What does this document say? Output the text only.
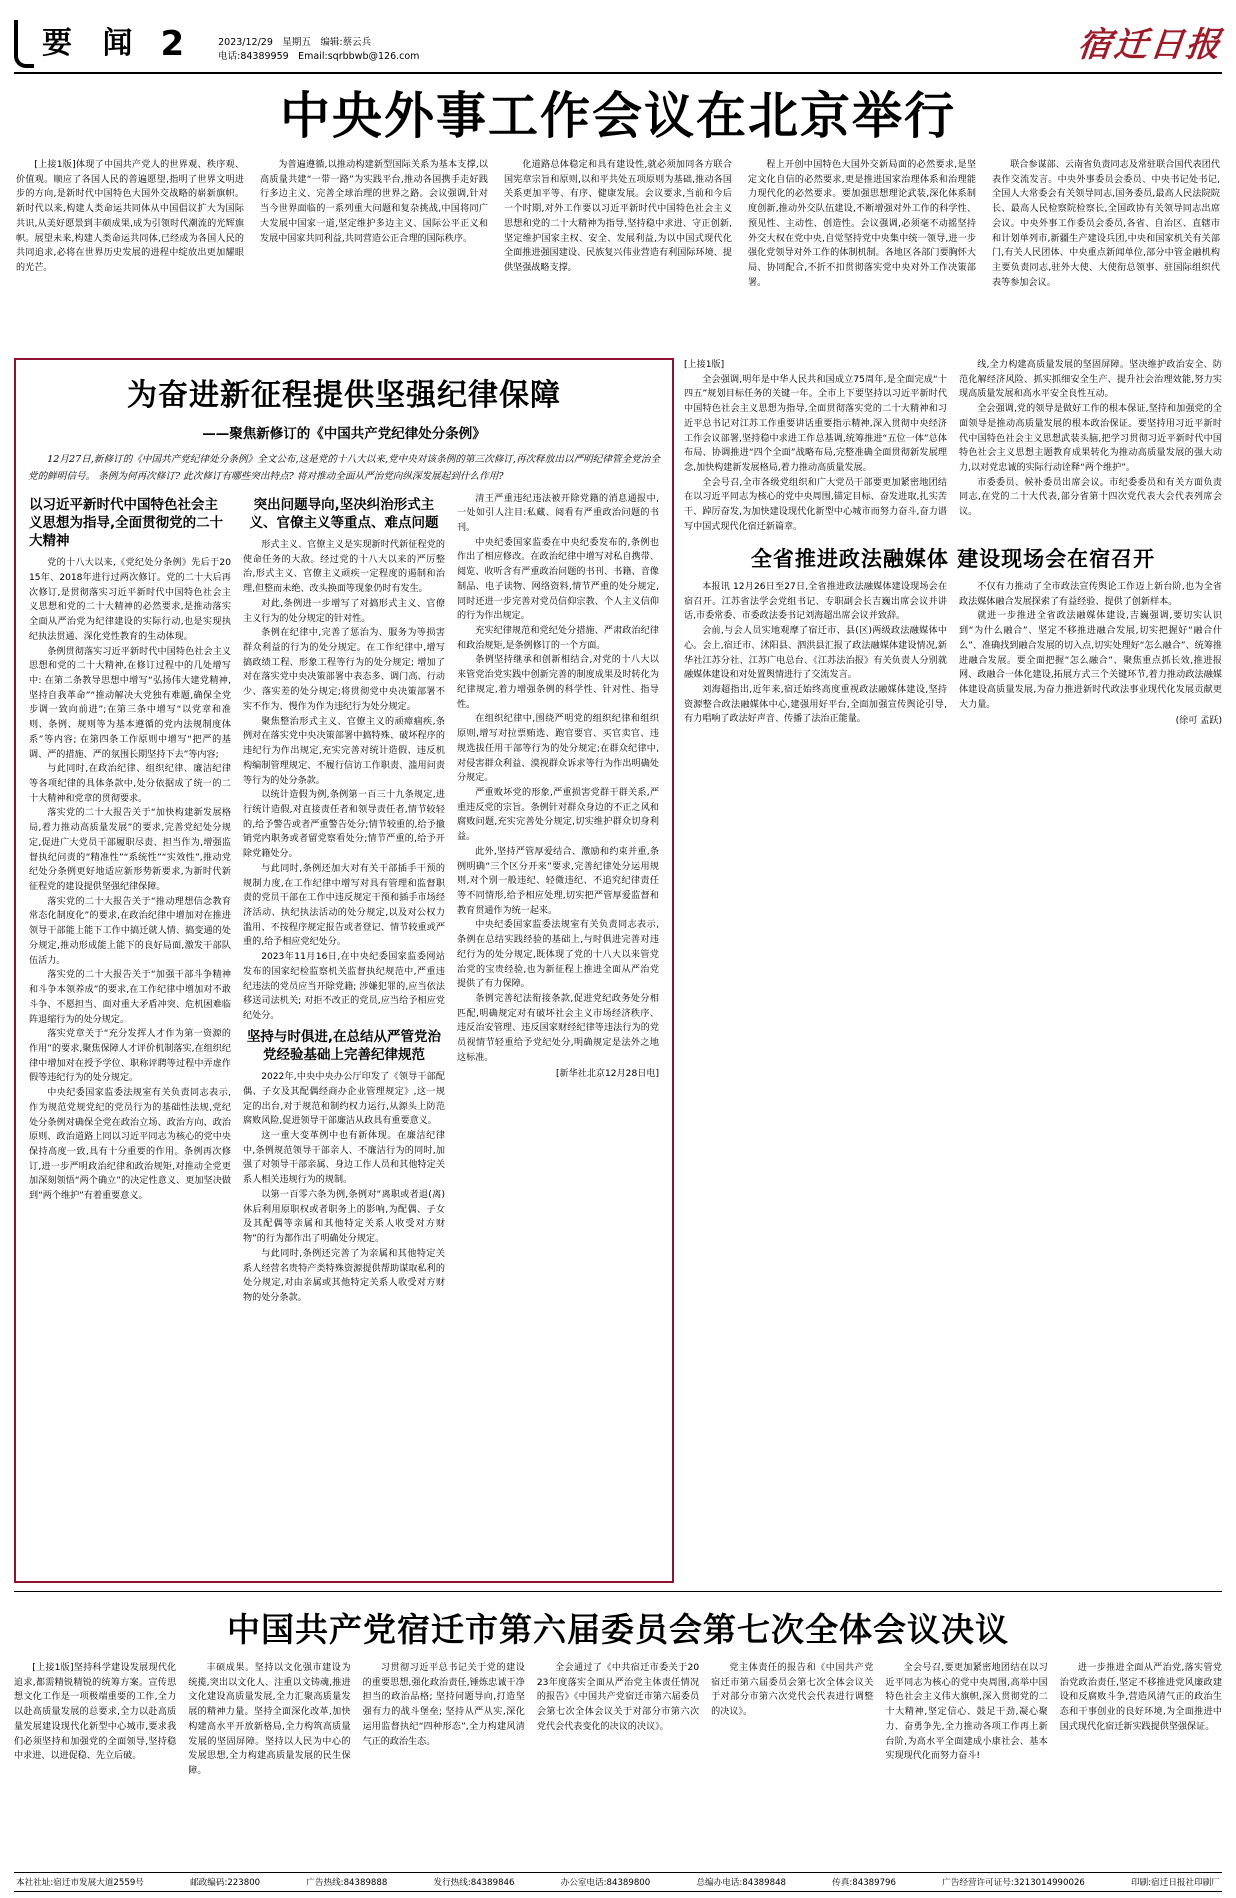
要 闻 2	2023/12/29　星期五　编辑:蔡云兵
电话:84389959　Email:sqrbbwb@126.com	宿迁日报
中央外事工作会议在北京举行

[上接1版]体现了中国共产党人的世界观、秩序观、价值观。顺应了各国人民的普遍愿望,指明了世界文明进步的方向,是新时代中国特色大国外交战略的崭新旗帜。新时代以来,构建人类命运共同体从中国倡议扩大为国际共识,从美好愿景到丰硕成果,成为引领时代潮流的光辉旗帜。展望未来,构建人类命运共同体,已经成为各国人民的共同追求,必将在世界历史发展的进程中绽放出更加耀眼的光芒。

为普遍遵循,以推动构建新型国际关系为基本支撑,以高质量共建“一带一路”为实践平台,推动各国携手走好践行多边主义、完善全球治理的世界之路。会议强调,针对当今世界面临的一系列重大问题和复杂挑战,中国将同广大发展中国家一道,坚定维护多边主义、国际公平正义和发展中国家共同利益,共同营造公正合理的国际秩序。

化道路总体稳定和具有建设性,就必须加同各方联合国宪章宗旨和原则,以和平共处五项原则为基础,推动各国关系更加平等、有序、健康发展。会议要求,当前和今后一个时期,对外工作要以习近平新时代中国特色社会主义思想和党的二十大精神为指导,坚持稳中求进、守正创新,坚定维护国家主权、安全、发展利益,为以中国式现代化全面推进强国建设、民族复兴伟业营造有利国际环境、提供坚强战略支撑。

程上开创中国特色大国外交新局面的必然要求,是坚定文化自信的必然要求,更是推进国家治理体系和治理能力现代化的必然要求。要加强思想理论武装,深化体系制度创新,推动外交队伍建设,不断增强对外工作的科学性、预见性、主动性、创造性。会议强调,必须毫不动摇坚持外交大权在党中央,自觉坚持党中央集中统一领导,进一步强化党领导对外工作的体制机制。各地区各部门要胸怀大局、协同配合,不折不扣贯彻落实党中央对外工作决策部署。

联合参谋部、云南省负责同志及常驻联合国代表团代表作交流发言。中央外事委员会委员、中央书记处书记,全国人大常委会有关领导同志,国务委员,最高人民法院院长、最高人民检察院检察长,全国政协有关领导同志出席会议。中央外事工作委员会委员,各省、自治区、直辖市和计划单列市,新疆生产建设兵团,中央和国家机关有关部门,有关人民团体、中央重点新闻单位,部分中管金融机构主要负责同志,驻外大使、大使衔总领事、驻国际组织代表等参加会议。

为奋进新征程提供坚强纪律保障
——聚焦新修订的《中国共产党纪律处分条例》

12月27日,新修订的《中国共产党纪律处分条例》全文公布,这是党的十八大以来,党中央对该条例的第三次修订,再次释放出以严明纪律管全党治全党的鲜明信号。 条例为何再次修订? 此次修订有哪些突出特点? 将对推动全面从严治党向纵深发展起到什么作用?

以习近平新时代中国特色社会主义思想为指导,全面贯彻党的二十大精神

党的十八大以来,《党纪处分条例》先后于2015年、2018年进行过两次修订。党的二十大后再次修订,是贯彻落实习近平新时代中国特色社会主义思想和党的二十大精神的必然要求,是推动落实全面从严治党为纪律建设的实际行动,也是实现执纪执法贯通、深化党性教育的生动体现。

条例贯彻落实习近平新时代中国特色社会主义思想和党的二十大精神,在修订过程中的几处增写中: 在第二条教导思想中增写“弘扬伟大建党精神,坚持自我革命”“推动解决大党独有难题,确保全党步调一致向前进”;在第三条中增写“以党章和准则、条例、规则等为基本遵循的党内法规制度体系”等内容; 在第四条工作原则中增写“把严的基调、严的措施、严的氛围长期坚持下去”等内容;

与此同时,在政治纪律、组织纪律、廉洁纪律等各项纪律的具体条款中,处分依据成了统一的二十大精神和党章的贯彻要求。

落实党的二十大报告关于“加快构建新发展格局,着力推动高质量发展”的要求,完善党纪处分规定,促进广大党员干部履职尽责、担当作为,增强监督执纪问责的“精准性”“系统性”“实效性”,推动党纪处分条例更好地适应新形势新要求,为新时代新征程党的建设提供坚强纪律保障。

落实党的二十大报告关于“推动理想信念教育常态化制度化”的要求,在政治纪律中增加对在推进领导干部能上能下工作中搞迁就人情、搞变通的处分规定,推动形成能上能下的良好局面,激发干部队伍活力。

落实党的二十大报告关于“加强干部斗争精神和斗争本领养成”的要求,在工作纪律中增加对不敢斗争、不愿担当、面对重大矛盾冲突、危机困难临阵退缩行为的处分规定。

落实党章关于“充分发挥人才作为第一资源的作用”的要求,聚焦保障人才评价机制落实,在组织纪律中增加对在授予学位、职称评聘等过程中弄虚作假等违纪行为的处分规定。

中央纪委国家监委法规室有关负责同志表示,作为规范党规党纪的党员行为的基础性法规,党纪处分条例对确保全党在政治立场、政治方向、政治原则、政治道路上同以习近平同志为核心的党中央保持高度一致,具有十分重要的作用。条例再次修订,进一步严明政治纪律和政治规矩,对推动全党更加深刻领悟“两个确立”的决定性意义、更加坚决做到“两个维护”有着重要意义。

突出问题导向,坚决纠治形式主义、官僚主义等重点、难点问题

形式主义、官僚主义是实现新时代新征程党的使命任务的大敌。经过党的十八大以来的严厉整治,形式主义、官僚主义顽疾一定程度的遏制和治理,但整而未绝、改头换面等现象仍时有发生。

对此,条例进一步增写了对搞形式主义、官僚主义行为的处分规定的针对性。

条例在纪律中,完善了惩治为、服务为等损害群众利益的行为的处分规定。在工作纪律中,增写搞政绩工程、形象工程等行为的处分规定; 增加了对在落实党中央决策部署中表态多、调门高、行动少、落实差的处分规定;将贯彻党中央决策部署不实不作为、慢作为作为违纪行为处分规定。

聚焦整治形式主义、官僚主义的顽瘴痼疾,条例对在落实党中央决策部署中搞特殊、破坏程序的违纪行为作出规定,充实完善对统计造假、违反机构编制管理规定、不履行信访工作职责、滥用问责等行为的处分条款。

以统计造假为例,条例第一百三十九条规定,进行统计造假,对直接责任者和领导责任者,情节较轻的,给予警告或者严重警告处分;情节较重的,给予撤销党内职务或者留党察看处分;情节严重的,给予开除党籍处分。

与此同时,条例还加大对有关干部插手干预的规制力度,在工作纪律中增写对具有管理和监督职责的党员干部在工作中违反规定干预和插手市场经济活动、执纪执法活动的处分规定,以及对公权力滥用、不按程序规定报告或者登记、情节较重或严重的,给予相应党纪处分。

2023年11月16日,在中央纪委国家监委网站发布的国家纪检监察机关监督执纪规范中,严重违纪违法的党员应当开除党籍; 涉嫌犯罪的,应当依法移送司法机关; 对拒不改正的党员,应当给予相应党纪处分。

坚持与时俱进,在总结从严管党治党经验基础上完善纪律规范

2022年,中央中央办公厅印发了《领导干部配偶、子女及其配偶经商办企业管理规定》,这一规定的出台,对于规范和制约权力运行,从源头上防范腐败风险,促进领导干部廉洁从政具有重要意义。

这一重大变革例中也有新体现。在廉洁纪律中,条例规范领导干部亲人、不廉洁行为的同时,加强了对领导干部亲属、身边工作人员和其他特定关系人相关违规行为的规制。

以第一百零六条为例,条例对“离职或者退(离)休后利用原职权或者职务上的影响,为配偶、子女及其配偶等亲属和其他特定关系人收受对方财物”的行为都作出了明确处分规定。

与此同时,条例还完善了为亲属和其他特定关系人经营名贵特产类特殊资源提供帮助谋取私利的处分规定,对由亲属或其他特定关系人收受对方财物的处分条款。

清王严重违纪违法被开除党籍的消息通报中,一处如引人注目:私藏、阅看有严重政治问题的书刊。

中央纪委国家监委在中央纪委发布的,条例也作出了相应修改。在政治纪律中增写对私自携带、阅览、收听含有严重政治问题的书刊、书籍、音像制品、电子读物、网络资料,情节严重的处分规定,同时还进一步完善对党员信仰宗教、个人主义信仰的行为作出规定。

充实纪律规范和党纪处分措施、严肃政治纪律和政治规矩,是条例修订的一个方面。

条例坚持继承和创新相结合,对党的十八大以来管党治党实践中创新完善的制度成果及时转化为纪律规定,着力增强条例的科学性、针对性、指导性。

在组织纪律中,围绕严明党的组织纪律和组织原则,增写对拉票贿选、跑官要官、买官卖官、违规选拔任用干部等行为的处分规定;在群众纪律中,对侵害群众利益、漠视群众诉求等行为作出明确处分规定。

严重败坏党的形象,严重损害党群干群关系,严重违反党的宗旨。条例针对群众身边的不正之风和腐败问题,充实完善处分规定,切实维护群众切身利益。

此外,坚持严管厚爱结合、激励和约束并重,条例明确“三个区分开来”要求,完善纪律处分运用规则,对个别一般违纪、轻微违纪、不追究纪律责任等不同情形,给予相应处理,切实把严管厚爱监督和教育贯通作为统一起来。

中央纪委国家监委法规室有关负责同志表示,条例在总结实践经验的基础上,与时俱进完善对违纪行为的处分规定,既体现了党的十八大以来管党治党的宝贵经验,也为新征程上推进全面从严治党提供了有力保障。

条例完善纪法衔接条款,促进党纪政务处分相匹配,明确规定对有破坏社会主义市场经济秩序、违反治安管理、违反国家财经纪律等违法行为的党员视情节轻重给予党纪处分,明确规定是法外之地这标准。

[新华社北京12月28日电]

[上接1版]

全会强调,明年是中华人民共和国成立75周年,是全面完成“十四五”规划目标任务的关键一年。全市上下要坚持以习近平新时代中国特色社会主义思想为指导,全面贯彻落实党的二十大精神和习近平总书记对江苏工作重要讲话重要指示精神,深入贯彻中央经济工作会议部署,坚持稳中求进工作总基调,统筹推进“五位一体”总体布局、协调推进“四个全面”战略布局,完整准确全面贯彻新发展理念,加快构建新发展格局,着力推动高质量发展。

全会号召,全市各级党组织和广大党员干部要更加紧密地团结在以习近平同志为核心的党中央周围,锚定目标、奋发进取,扎实苦干、踔厉奋发,为加快建设现代化新型中心城市而努力奋斗,奋力谱写中国式现代化宿迁新篇章。

线,全力构建高质量发展的坚固屏障。坚决维护政治安全、防范化解经济风险、抓实抓细安全生产、提升社会治理效能,努力实现高质量发展和高水平安全良性互动。

全会强调,党的领导是做好工作的根本保证,坚持和加强党的全面领导是推动高质量发展的根本政治保证。要坚持用习近平新时代中国特色社会主义思想武装头脑,把学习贯彻习近平新时代中国特色社会主义思想主题教育成果转化为推动高质量发展的强大动力,以对党忠诚的实际行动诠释“两个维护”。

市委委员、候补委员出席会议。市纪委委员和有关方面负责同志,在党的二十大代表,部分省第十四次党代表大会代表列席会议。

全省推进政法融媒体 建设现场会在宿召开

本报讯 12月26日至27日,全省推进政法融媒体建设现场会在宿召开。江苏省法学会党组书记、专职副会长吉巍出席会议并讲话,市委常委、市委政法委书记刘海超出席会议并致辞。

会前,与会人员实地观摩了宿迁市、县(区)两级政法融媒体中心。会上,宿迁市、沭阳县、泗洪县汇报了政法融媒体建设情况,新华社江苏分社、江苏广电总台、《江苏法治报》有关负责人分别就融媒体建设和对处置舆情进行了交流发言。

刘海超指出,近年来,宿迁始终高度重视政法融媒体建设,坚持资源整合政法融媒体中心,建强用好平台,全面加强宣传舆论引导,有力唱响了政法好声音、传播了法治正能量。

不仅有力推动了全市政法宣传舆论工作迈上新台阶,也为全省政法媒体融合发展探索了有益经验、提供了创新样本。

就进一步推进全省政法融媒体建设,吉巍强调,要切实认识到“为什么融合”、坚定不移推进融合发展,切实把握好“融合什么”、准确找到融合发展的切入点,切实处理好“怎么融合”、统筹推进融合发展。要全面把握“怎么融合”、聚焦重点抓长效,推进报网、政融合一体化建设,拓展方式三个关键环节,着力推动政法融媒体建设高质量发展,为奋力推进新时代政法事业现代化发展贡献更大力量。

(徐可 孟跃)

中国共产党宿迁市第六届委员会第七次全体会议决议

[上接1版]坚持科学建设发展现代化追求,都需精锐精锐的统筹方案。宣传思想文化工作是一项极端重要的工作,全力以赴高质量发展的总要求,全力以赴高质量发展建设现代化新型中心城市,要求我们必须坚持和加强党的全面领导,坚持稳中求进、以进促稳、先立后破。

丰硕成果。坚持以文化强市建设为统揽,突出以文化人、注重以文铸魂,推进文化建设高质量发展,全力汇聚高质量发展的精神力量。坚持全面深化改革,加快构建高水平开放新格局,全力构筑高质量发展的坚固屏障。坚持以人民为中心的发展思想,全力构建高质量发展的民生保障。

习贯彻习近平总书记关于党的建设的重要思想,强化政治责任,锤炼忠诚干净担当的政治品格; 坚持问题导向,打造坚强有力的战斗堡垒; 坚持从严从实,深化运用监督执纪“四种形态”,全力构建风清气正的政治生态。

全会通过了《中共宿迁市委关于2023年度落实全面从严治党主体责任情况的报告》《中国共产党宿迁市第六届委员会第七次全体会议关于对部分市第六次党代会代表变化的决议的决议》。

党主体责任的报告和《中国共产党宿迁市第六届委员会第七次全体会议关于对部分市第六次党代会代表进行调整的决议》。

全会号召,要更加紧密地团结在以习近平同志为核心的党中央周围,高举中国特色社会主义伟大旗帜,深入贯彻党的二十大精神,坚定信心、鼓足干劲,凝心聚力、奋勇争先,全力推动各项工作再上新台阶,为高水平全面建成小康社会、基本实现现代化而努力奋斗!

进一步推进全面从严治党,落实管党治党政治责任,坚定不移推进党风廉政建设和反腐败斗争,营造风清气正的政治生态和干事创业的良好环境,为全面推进中国式现代化宿迁新实践提供坚强保证。

本社社址:宿迁市发展大道2559号	邮政编码:223800	广告热线:84389888	发行热线:84389846	办公室电话:84389800	总编办电话:84389848	传真:84389796	广告经营许可证号:3213014990026	印刷:宿迁日报社印刷厂
